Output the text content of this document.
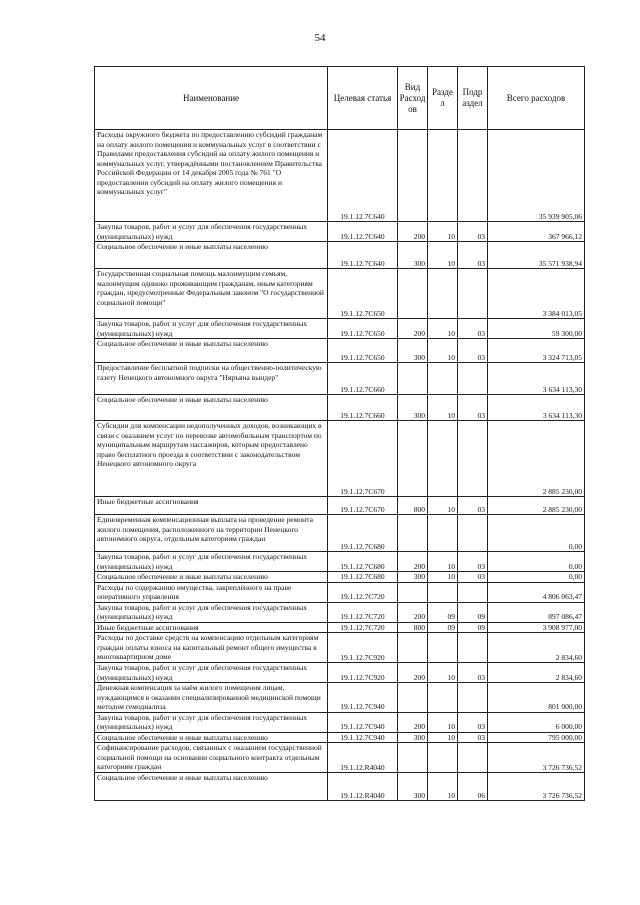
54
Наименование	Целевая статья	Вид Расход ов	Разде л	Подр аздел	Всего расходов
Расходы окружного бюджета по предоставлению субсидий гражданам на оплату жилого помещения и коммунальных услуг в соответствии с Правилами предоставления субсидий на оплату жилого помещения и коммунальных услуг, утверждёнными постановлением Правительства Российской Федерации от 14 декабря 2005 года № 761 "О предоставлении субсидий на оплату жилого помещения и коммунальных услуг"	19.1.12.7С640				35 939 905,06
Закупка товаров, работ и услуг для обеспечения государственных (муниципальных) нужд	19.1.12.7С640	200	10	03	367 966,12
Социальное обеспечение и иные выплаты населению	19.1.12.7С640	300	10	03	35 571 938,94
Государственная социальная помощь малоимущим семьям, малоимущим одиноко проживающим гражданам, иным категориям граждан, предусмотренные Федеральным законом "О государственной социальной помощи"	19.1.12.7С650				3 384 013,05
Закупка товаров, работ и услуг для обеспечения государственных (муниципальных) нужд	19.1.12.7С650	200	10	03	59 300,00
Социальное обеспечение и иные выплаты населению	19.1.12.7С650	300	10	03	3 324 713,05
Предоставление бесплатной подписки на общественно-политическую газету Ненецкого автономного округа "Няръяна вындер"	19.1.12.7С660				3 634 113,30
Социальное обеспечение и иные выплаты населению	19.1.12.7С660	300	10	03	3 634 113,30
Субсидии для компенсации недополученных доходов, возникающих в связи с оказанием услуг по перевозке автомобильным транспортом по муниципальным маршрутам пассажиров, которым предоставлено право бесплатного проезда в соответствии с законодательством Ненецкого автономного округа	19.1.12.7С670				2 885 230,00
Иные бюджетные ассигнования	19.1.12.7С670	800	10	03	2 885 230,00
Единовременная компенсационная выплата на проведение ремонта жилого помещения, расположенного на территории Ненецкого автономного округа, отдельным категориям граждан	19.1.12.7С680				0,00
Закупка товаров, работ и услуг для обеспечения государственных (муниципальных) нужд	19.1.12.7С680	200	10	03	0,00
Социальное обеспечение и иные выплаты населению	19.1.12.7С680	300	10	03	0,00
Расходы по содержанию имущества, закреплённого на праве оперативного управления	19.1.12.7С720				4 806 063,47
Закупка товаров, работ и услуг для обеспечения государственных (муниципальных) нужд	19.1.12.7С720	200	09	09	897 086,47
Иные бюджетные ассигнования	19.1.12.7С720	800	09	09	3 908 977,00
Расходы по доставке средств на компенсацию отдельным категориям граждан оплаты взноса на капитальный ремонт общего имущества в многоквартирном доме	19.1.12.7С920				2 834,60
Закупка товаров, работ и услуг для обеспечения государственных (муниципальных) нужд	19.1.12.7С920	200	10	03	2 834,60
Денежная компенсация за наём жилого помещения лицам, нуждающимся в оказании специализированной медицинской помощи методом гемодиализа	19.1.12.7С940				801 000,00
Закупка товаров, работ и услуг для обеспечения государственных (муниципальных) нужд	19.1.12.7С940	200	10	03	6 000,00
Социальное обеспечение и иные выплаты населению	19.1.12.7С940	300	10	03	795 000,00
Софинансирование расходов, связанных с оказанием государственной социальной помощи на основании социального контракта отдельным категориям граждан	19.1.12.R4040				3 726 736,52
Социальное обеспечение и иные выплаты населению	19.1.12.R4040	300	10	06	3 726 736,52
